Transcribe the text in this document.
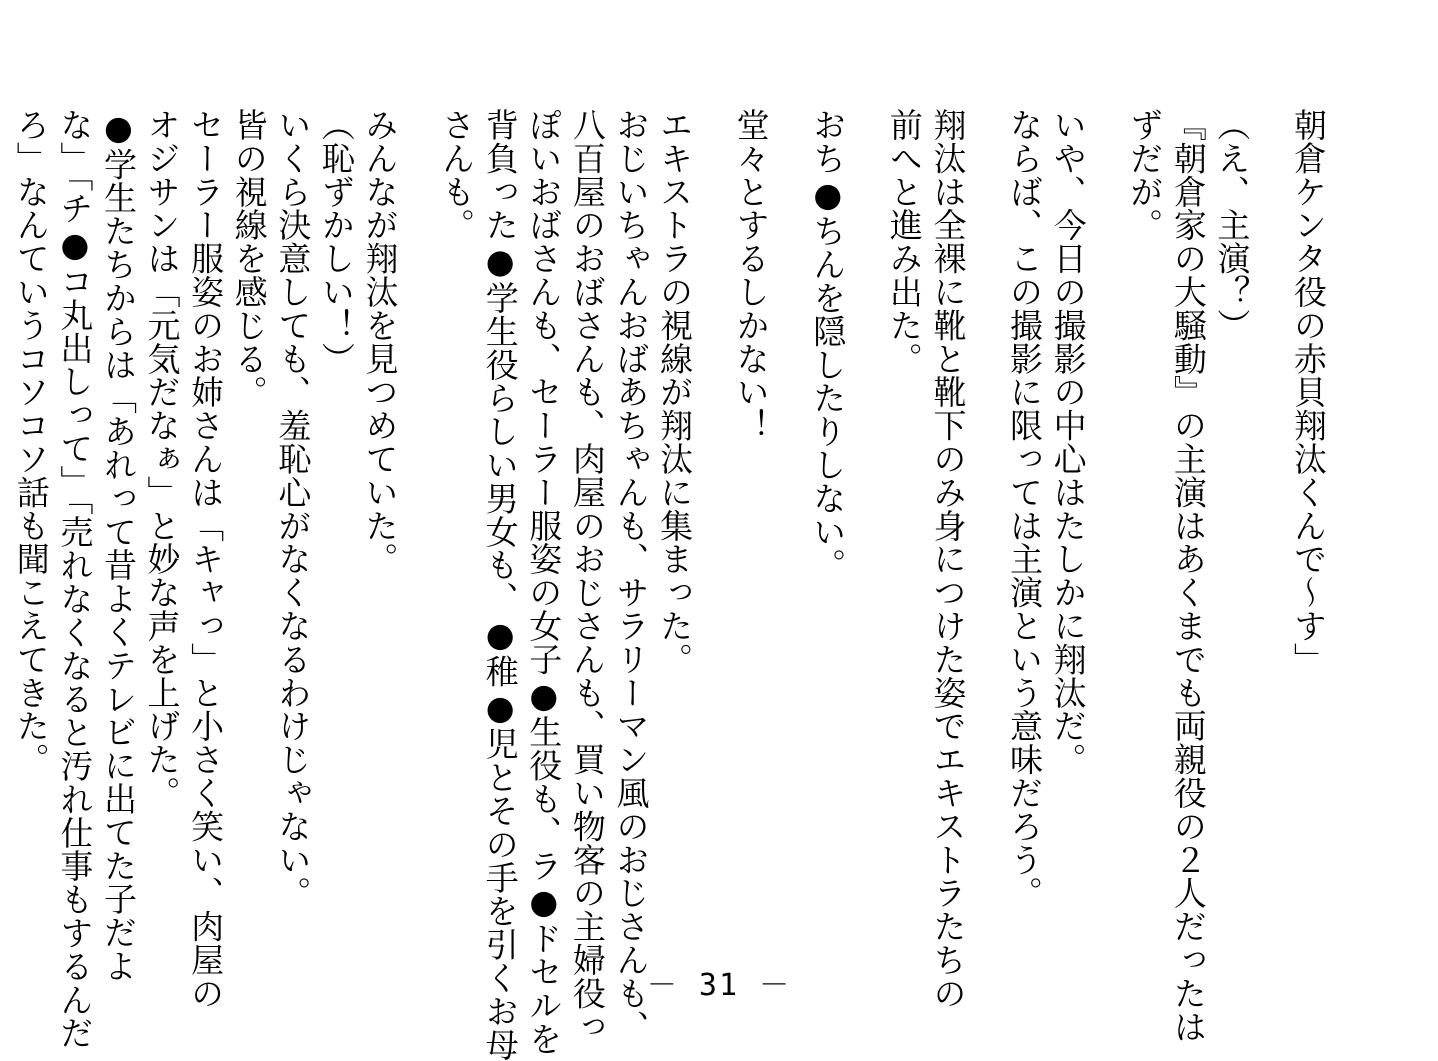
朝倉ケンタ役の赤貝翔汰くんで～す」
（え、主演？）
『朝倉家の大騒動』の主演はあくまでも両親役の２人だったは
ずだが。
いや、今日の撮影の中心はたしかに翔汰だ。
ならば、この撮影に限っては主演という意味だろう。
翔汰は全裸に靴と靴下のみ身につけた姿でエキストラたちの
前へと進み出た。
おち●ちんを隠したりしない。
堂々とするしかない！
エキストラの視線が翔汰に集まった。
おじいちゃんおばあちゃんも、サラリーマン風のおじさんも、
八百屋のおばさんも、肉屋のおじさんも、買い物客の主婦役っ
ぽいおばさんも、セーラー服姿の女子●生役も、ラ●ドセルを
背負った●学生役らしい男女も、●稚●児とその手を引くお母
さんも。
みんなが翔汰を見つめていた。
（恥ずかしい！）
いくら決意しても、羞恥心がなくなるわけじゃない。
皆の視線を感じる。
セーラー服姿のお姉さんは「キャっ」と小さく笑い、肉屋の
オジサンは「元気だなぁ」と妙な声を上げた。
●学生たちからは「あれって昔よくテレビに出てた子だよ
な」「チ●コ丸出しって」「売れなくなると汚れ仕事もするんだ
ろ」なんていうコソコソ話も聞こえてきた。
－ 31 －
